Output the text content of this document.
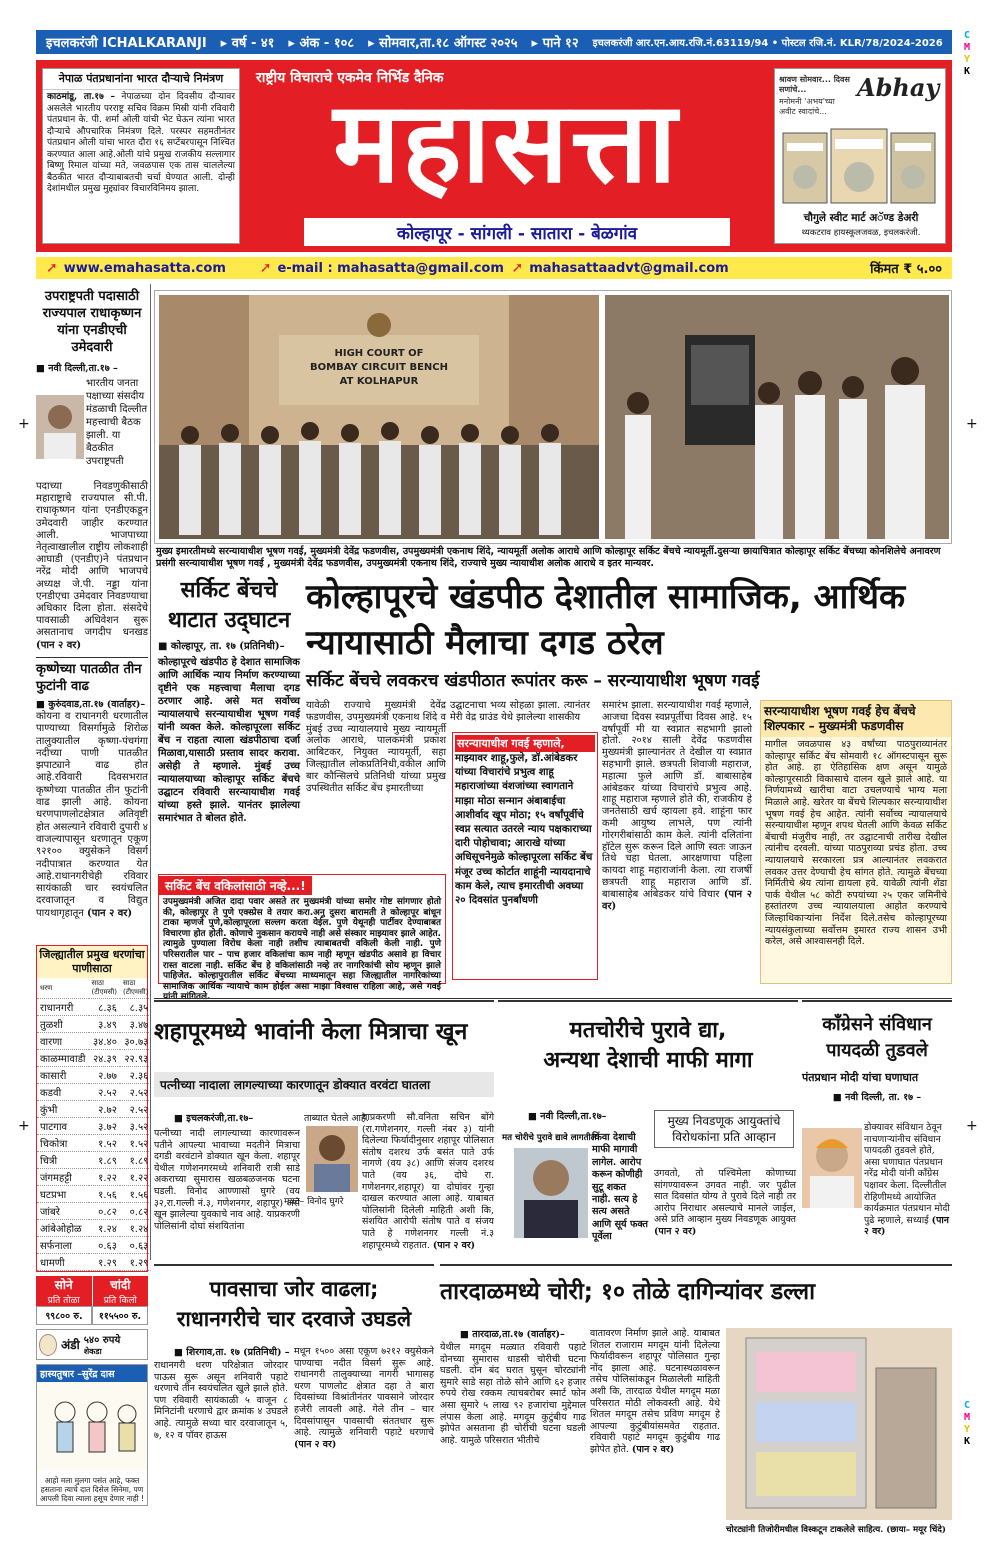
इचलकरंजी ICHALKARANJI ▸ वर्ष - ४१ ▸ अंक - १०८ ▸ सोमवार,ता.१८ ऑगस्ट २०२५ ▸ पाने १२ इचलकरंजी आर.एन.आय.रजि.नं.63119/94 • पोस्टल रजि.नं. KLR/78/2024-2026
C
M
Y
K
C
M
Y
K
+	+
+	+
नेपाळ पंतप्रधानांना भारत दौऱ्याचे निमंत्रण
काठमांडू, ता.१७ – नेपाळच्या दोन दिवसीय दौऱ्यावर असलेले भारतीय परराष्ट्र सचिव विक्रम मिस्री यांनी रविवारी पंतप्रधान के. पी. शर्मा ओली यांची भेट घेऊन त्यांना भारत दौऱ्याचे औपचारिक निमंत्रण दिले. परस्पर सहमतीनंतर पंतप्रधान ओली यांचा भारत दौरा १६ सप्टेंबरपासून निश्चित करण्यात आला आहे.ओली यांचे प्रमुख राजकीय सल्लागार बिष्णु रिमाल यांच्या मते, जवळपास एक तास चाललेल्या बैठकीत भारत दौऱ्याबाबतची चर्चा घेण्यात आली. दोन्ही देशांमधील प्रमुख मुद्द्यांवर विचारविनिमय झाला.
राष्ट्रीय विचाराचे एकमेव निर्भिड दैनिक
महासत्ता
कोल्हापूर - सांगली - सातारा - बेळगांव
श्रावण सोमवार... दिवस सणांचे...
मनोमनी 'अभय'च्या अवीट स्वादांचे...
Abhay
चौगुले स्वीट मार्ट अॅण्ड डेअरी
थ्यकटराव हायस्कूलजवळ, इचलकरंजी.
➚ www.emahasatta.com	➚ e-mail : mahasatta@gmail.com ➚ mahasattaadvt@gmail.com	किंमत ₹ ५.००
उपराष्ट्रपती पदासाठी राज्यपाल राधाकृष्णन यांना एनडीएची उमेदवारी
■ नवी दिल्ली,ता.१७ –
भारतीय जनता पक्षाच्या संसदीय मंडळाची दिल्लीत महत्त्वाची बैठक झाली. या बैठकीत उपराष्ट्रपती
पदाच्या निवडणुकीसाठी महाराष्ट्राचे राज्यपाल सी.पी. राधाकृष्णन यांना एनडीएकडून उमेदवारी जाहीर करण्यात आली. भाजपाच्या नेतृत्वाखालील राष्ट्रीय लोकशाही आघाडी (एनडीए)ने पंतप्रधान नरेंद्र मोदी आणि भाजपचे अध्यक्ष जे.पी. नड्डा यांना एनडीएचा उमेदवार निवडण्याचा अधिकार दिला होता. संसदेचे पावसाळी अधिवेशन सुरू असतानाच जगदीप धनखड (पान २ वर)
कृष्णेच्या पातळीत तीन फुटांनी वाढ
■ कुरुंदवाड,ता.१७ (वार्ताहर)–
कोयना व राधानगरी धरणातील पाण्याच्या विसर्गामुळे शिरोळ तालुक्यातील कृष्णा-पंचगंगा नदीच्या पाणी पातळीत झपाट्याने वाढ होत आहे.रविवारी दिवसभरात कृष्णेच्या पातळीत तीन फुटांनी वाढ झाली आहे. कोयना धरणपाणलोटक्षेत्रात अतिवृष्टी होत असल्याने रविवारी दुपारी ४ वाजल्यापासून धरणातून एकूण ९२१०० क्युसेकने विसर्ग नदीपात्रात करण्यात येत आहे.राधानगरीचेही रविवार सायंकाळी चार स्वयंचलित दरवाजातून व विद्युत पायथागृहातून (पान २ वर)
जिल्ह्यातील प्रमुख धरणांचा पाणीसाठा
धरण	साठा (टीएमसी)	साठा (टीएमसी)
राधानगरी	८.३६	८.३५
तुळशी	३.४९	३.४७
वारणा	३४.४०	३०.७३
काळम्मावाडी	२४.३९	२२.९३
कासारी	२.७७	२.३६
कडवी	२.५२	२.५२
कुंभी	२.७२	२.५२
पाटगाव	३.७२	३.५२
चिकोत्रा	१.५२	१.५२
चित्री	१.८९	१.८९
जंगमहट्टी	१.२२	१.२२
घटप्रभा	१.५६	१.५६
जांबरे	०.८२	०.८२
आंबेओहोळ	१.२४	१.२४
सर्फनाला	०.६३	०.६३
धामणी	१.२९	१.२९
सोने
प्रति तोळा
चांदी
प्रति किलो
९९८०० रु.	११५५०० रु.
अंडी ५४० रुपये
शेकडा
हास्यतुषार –सुरेंद्र दास
आहो मला मुलगा पसंत आहे, फक्त हसताना त्याचे दात दिसेल सिनेमा, पण आपली दिवा त्याला हसूच देणार नाही !
HIGH COURT OF BOMBAY CIRCUIT BENCH AT KOLHAPUR
मुख्य इमारतीमध्ये सरन्यायाधीश भूषण गवई, मुख्यमंत्री देवेंद्र फडणवीस, उपमुख्यमंत्री एकनाथ शिंदे, न्यायमूर्ती अलोक आराधे आणि कोल्हापूर सर्किट बेंचचे न्यायमूर्ती.दुसऱ्या छायाचित्रात कोल्हापूर सर्किट बेंचच्या कोनशिलेचे अनावरण प्रसंगी सरन्यायाधीश भूषण गवई , मुख्यमंत्री देवेंद्र फडणवीस, उपमुख्यमंत्री एकनाथ शिंदे, राज्याचे मुख्य न्यायाधीश अलोक आराधे व इतर मान्यवर.
सर्किट बेंचचे थाटात उद्‌घाटन
■ कोल्हापूर, ता. १७ (प्रतिनिधी)–
कोल्हापूरचे खंडपीठ देशातील सामाजिक, आर्थिक न्यायासाठी मैलाचा दगड ठरेल
सर्किट बेंचचे लवकरच खंडपीठात रूपांतर करू – सरन्यायाधीश भूषण गवई
कोल्हापूरचे खंडपीठ हे देशात सामाजिक आणि आर्थिक न्याय निर्माण करण्याच्या दृष्टीने एक महत्त्वाचा मैलाचा दगड ठरणार आहे. असे मत सर्वोच्च न्यायालयाचे सरन्यायाधीश भूषण गवई यांनी व्यक्त केले. कोल्हापूरला सर्किट बेंच न राहता त्याला खंडपीठाचा दर्जा मिळावा,यासाठी प्रस्ताव सादर करावा. असेही ते म्हणाले. मुंबई उच्च न्यायालयाच्या कोल्हापूर सर्किट बेंचचे उद्घाटन रविवारी सरन्यायाधीश गवई यांच्या हस्ते झाले. यानंतर झालेल्या समारंभात ते बोलत होते.
यावेळी राज्याचे मुख्यमंत्री देवेंद्र फडणवीस, उपमुख्यमंत्री एकनाथ शिंदे व मुंबई उच्च न्यायालयाचे मुख्य न्यायमूर्ती अलोक आराधे, पालकमंत्री प्रकाश आबिटकर, नियुक्त न्यायमूर्ती, सहा जिल्ह्यातील लोकप्रतिनिधी,वकील आणि बार कौन्सिलचे प्रतिनिधी यांच्या प्रमुख उपस्थितीत सर्किट बेंच इमारतीच्या
उद्घाटनाचा भव्य सोहळा झाला. त्यानंतर मेरी वेद्र ग्राउंड येथे झालेल्या शासकीय
सरन्यायाधीश गवई म्हणाले,
माझ्यावर शाहू,फुले, डॉ.आंबेडकर यांच्या विचारांचे प्रभुत्व शाहू महाराजांच्या वंशजांच्या स्वागताने माझा मोठा सन्मान अंबाबाईचा आशीर्वाद खूप मोठा; १५ वर्षांपूर्वीचे स्वप्न सत्यात उतरले न्याय पक्षकाराच्या दारी पोहोचावा; आराखे यांच्या अधिसूचनेमुळे कोल्हापूरला सर्किट बेंच मंजूर उच्च कोर्टात शाहूंनी न्यायदानाचे काम केले, त्याच इमारतीची अवघ्या २० दिवसांत पुनर्बांधणी
समारंभ झाला. सरन्यायाधीश गवई म्हणाले, आजचा दिवस स्वप्नपूर्तीचा दिवस आहे. १५ वर्षांपूर्वी मी या स्वप्नात सहभागी झालो होतो. २०१४ साली देवेंद्र फडणवीस मुख्यमंत्री झाल्यानंतर ते देखील या स्वप्नात सहभागी झाले. छत्रपती शिवाजी महाराज, महात्मा फुले आणि डॉ. बाबासाहेब आंबेडकर यांच्या विचारांचे प्रभुत्व आहे. शाहू महाराज म्हणाले होते की, राजकीय हे जनतेसाठी खर्च व्हायला हवे. शाहूंना फार कमी आयुष्य लाभले, पण त्यांनी गोरगरीबांसाठी काम केले. त्यांनी दलितांना हॉटेल सुरू करून दिले आणि स्वतः जाऊन तिथे चहा घेतला. आरक्षणाचा पहिला कायदा शाहू महाराजांनी केला. त्या राजर्षी छत्रपती शाहू महाराज आणि डॉ. बाबासाहेब आंबेडकर यांचे विचार (पान २ वर)
सर्किट बेंच वकिलांसाठी नव्हे...!
उपमुख्यमंत्री अजित दादा पवार असते तर मुख्यमंत्री यांच्या समोर गोष्ट सांगणार होतो की, कोल्हापूर ते पुणे एक्स्प्रेस वे तयार करा.अनु दुसरा बारामती ते कोल्हापूर बांधून टाका म्हणजे पुणे,कोल्हापूरला सल्लग करता येईल. पुणे येथूनही पार्टीवर देण्याबाबत विचारणा होत होती. कोणाचे नुकसान करायचे नाही असे संस्कार माझ्यावर झाले आहेत. त्यामुळे पुण्याला विरोध केला नाही तशीच त्याबाबतची वकिली केली नाही. पुणे परिसरातील पार – पाच हजार वकिलांचा काम नाही म्हणून खंडपीठ असावे हा विचार रास्त वाटला नाही. सर्किट बेंच हे वकिलांसाठी नव्हे तर नागरिकांची सोय म्हणून झाले पाहिजेत. कोल्हापुरातील सर्किट बेंचच्या माध्यमातून सहा जिल्ह्यातील नागरिकांच्या सामाजिक आर्थिक न्यायाचे काम होईल असा माझा विश्वास राहिला आहे, असे गवई
सरन्यायाधीश भूषण गवई हेच बेंचचे शिल्पकार – मुख्यमंत्री फडणवीस
मागील जवळपास ४३ वर्षांच्या पाठपुराव्यानंतर कोल्हापूर सर्किट बेंच सोमवारी १८ ऑगस्टपासून सुरू होत आहे. हा ऐतिहासिक क्षण असून यामुळे कोल्हापूरसाठी विकासाचे दालन खुले झाले आहे. या निर्णयामध्ये खारीचा वाटा उचलण्याचे भाग्य मला मिळाले आहे. खरेतर या बेंचचे शिल्पकार सरन्यायाधीश भूषण गवई हेच आहेत. त्यांनी सर्वोच्च न्यायालयाचे सरन्यायाधीश म्हणून शपथ घेतली आणि केवळ सर्किट बेंचाची मंजुरीच नाही, तर उद्घाटनाची तारीख देखील त्यांनीच दरवली. यांच्या पाठपुराव्या प्रचंड होता. उच्च न्यायालयाचे सरकारला प्रत्र आल्यानंतर लवकरात लवकर उत्तर देण्याची हेच सांगत होते. त्यामुळे बेंचच्या निर्मितीचे श्रेय त्यांना द्यायला हवे. यावेळी त्यांनी शेंडा पार्क येथील ५८ कोटी रुपयांच्या २५ एकर जमिनीचे हस्तांतरण उच्च न्यायालयाला आहोत करण्याचे जिल्हाधिकाऱ्यांना निर्देश दिले.तसेच कोल्हापूरच्या न्यायसंकुलाच्या सर्वोत्तम इमारत राज्य शासन उभी करेल, असे आश्वासनही दिले.
शहापूरमध्ये भावांनी केला मित्राचा खून
पत्नीच्या नादाला लागल्याच्या कारणातून डोक्यात वरवंटा घातला
■ इचलकरंजी,ता.१७–
पत्नीच्या नादी लागल्याच्या कारणावरून पतीने आपल्या भावाच्या मदतीने मित्राचा दगडी वरवंटाने डोक्यात खून केला. शहापूर येथील गणेशनगरमध्ये शनिवारी रात्री साडे अकराच्या सुमारास खळबळजनक घटना घडली. विनोद आण्णासो घुगरे (वय ३२,रा.गल्ली नं.३, गणेशनगर, शहापूर) असे खून झालेल्या युवकाचे नाव आहे. याप्रकरणी पोलिसांनी दोघां संशयितांना
ताब्यात घेतले आहे.
मयत– विनोद घुगरे
याप्रकरणी सौ.वनिता सचिन बोंगे (रा.गणेशनगर, गल्ली नंबर ३) यांनी दिलेल्या फिर्यादीनुसार शहापूर पोलिसात संतोष दशरथ उर्फ बसंत पाते उर्फ नागणे (वय ३८) आणि संजय दशरथ पाते (वय ३६, दोघे रा. गणेशनगर,शहापूर) या दोघांवर गुन्हा दाखल करण्यात आला आहे. याबाबत पोलिसांनी दिलेली माहिती अशी कि, संशयित आरोपी संतोष पाते व संजय पाते हे गणेशनगर गल्ली नं.३ शहापूरमध्ये राहतात. (पान २ वर)
मतचोरीचे पुरावे द्या,
अन्यथा देशाची माफी मागा
■ नवी दिल्ली,ता.१७–
मत चोरीचे पुरावे द्यावे लागतील
किंवा देशाची माफी मागावी लागेल. आरोप करून कोणीही सुटू शकत नाही. सत्य हे सत्य असते आणि सूर्य फक्त पूर्वेला
मुख्य निवडणूक आयुक्तांचे विरोधकांना प्रति आव्हान
उगवतो, तो पश्चिमेला कोणाच्या सांगण्यावरून उगवत नाही. जर पुढील सात दिवसांत योग्य ते पुरावे दिले नाही तर आरोप निराधार असल्याचे मानले जाईल, असे प्रति आव्हान मुख्य निवडणूक आयुक्त (पान २ वर)
काँग्रेसने संविधान पायदळी तुडवले
पंतप्रधान मोदी यांचा घणाघात
■ नवी दिल्ली, ता. १७ –
डोक्यावर संविधान ठेवून नाचणाऱ्यांनीच संविधान पायदळी तुडवले होते, असा घणाघात पंतप्रधान नरेंद्र मोदी यांनी काँग्रेस पक्षावर केला. दिल्लीतील रोहिणीमध्ये आयोजित कार्यक्रमात पंतप्रधान मोदी पुढे म्हणाले, सध्याई (पान २ वर)
पावसाचा जोर वाढला;
राधानगरीचे चार दरवाजे उघडले
■ शिरगाव,ता. १७ (प्रतिनिधी) –
राधानगरी धरण परिक्षेत्रात जोरदार पाऊस सुरू असून शनिवारी पहाटे धरणाचे तीन स्वयंचलित खुले झाले होते. पण रविवारी सायंकाळी ५ वाजून ८ मिनिटांनी धरणाचे द्वार क्रमांक ४ उघडले आहे. त्यामुळे सध्या चार दरवाजातून ५, ७, १२ व पॉवर हाऊस
मधून १५०० असा एकूण ७२१२ क्युसेकने पाण्याचा नदीत विसर्ग सुरू आहे. राधानगरी तालुक्याच्या नागरी भागासह धरण पाणलोट क्षेत्रात दहा ते बारा दिवसांच्या विश्रांतीनंतर पावसाने जोरदार हजेरी लावली आहे. गेले तीन – चार दिवसांपासून पावसाची संततधार सुरू आहे. त्यामुळे शनिवारी पहाटे धरणाचे (पान २ वर)
तारदाळमध्ये चोरी; १० तोळे दागिन्यांवर डल्ला
■ तारदाळ,ता.१७ (वार्ताहर)–
येथील मगदूम मळ्यात रविवारी पहाटे दोनच्या सुमारास धाडसी चोरीची घटना घडली. दोन बंद घरात घुसून चोरट्यांनी सुमारे साडे सहा तोळे सोने आणि ६२ हजार रुपये रोख रक्कम त्याचबरोबर स्मार्ट फोन असा सुमारे ५ लाख ९२ हजारांचा मुद्देमाल लंपास केला आहे. मगदूम कुटुंबीय गाढ झोपेत असताना ही चोरीची घटना घडली आहे. यामुळे परिसरात भीतीचे
वातावरण निर्माण झाले आहे. याबाबत शितल राजाराम मगदूम यांनी दिलेल्या फिर्यादीवरून शहापूर पोलिसात गुन्हा नोंद झाला आहे. घटनास्थळावरून तसेच पोलिसांकडून मिळालेली माहिती अशी कि, तारदाळ येथील मगदूम मळा परिसरात मोठी लोकवस्ती आहे. येथे शितल मगदूम तसेच प्रविण मगदूम हे आपल्या कुटुंबीयांसमवेत राहतात. रविवारी पहाटे मगदूम कुटुंबीय गाढ झोपेत होते. (पान २ वर)
चोरट्यांनी तिजोरीमधील विस्कटून टाकलेले साहित्य. (छाया– मयूर चिंदे)
